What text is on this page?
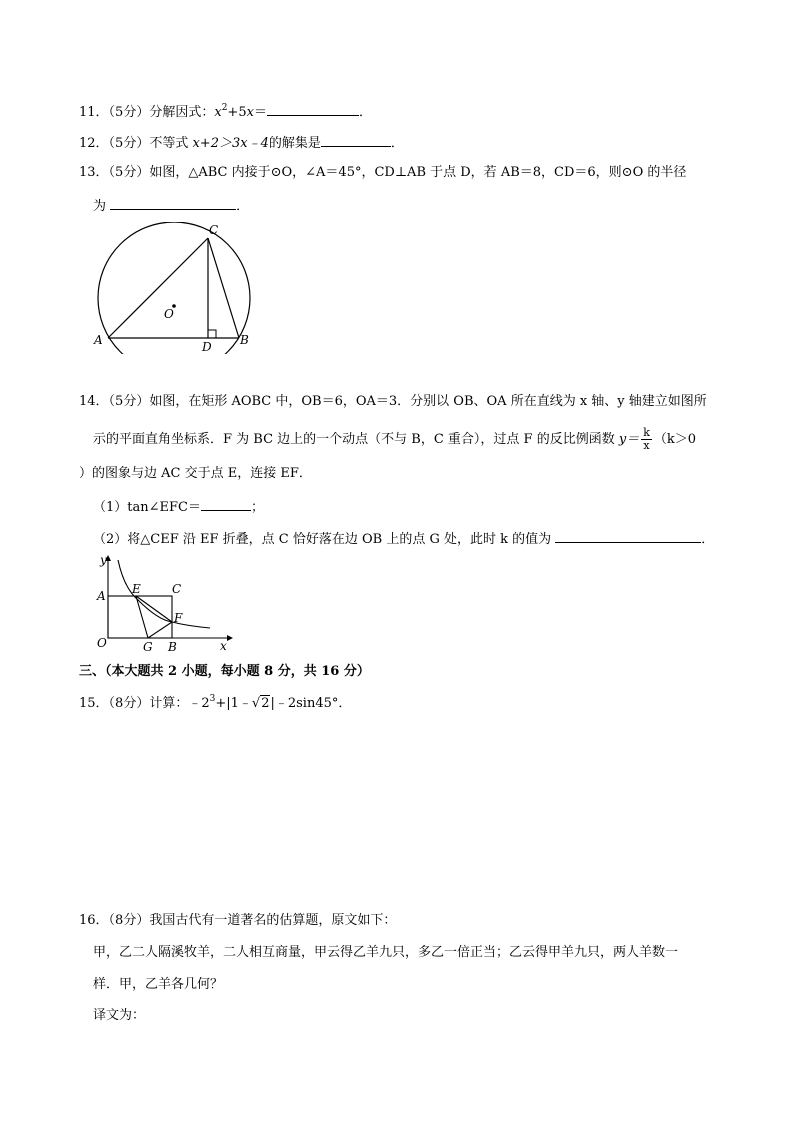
11．（5分）分解因式：$x^2+5x=$	．
12．（5分）不等式 x+2＞3x﹣4的解集是	．
13．（5分）如图，△ABC 内接于⊙O，∠A＝45°，CD⊥AB 于点 D，若 AB＝8，CD＝6，则⊙O 的半径
为	．
C
A	B
D
O
14．（5分）如图，在矩形 AOBC 中，OB＝6，OA＝3．分别以 OB、OA 所在直线为 x 轴、y 轴建立如图所
示的平面直角坐标系．F 为 BC 边上的一个动点（不与 B，C 重合），过点 F 的反比例函数 $y= \frac{k}{x} (k>0$
）的图象与边 AC 交于点 E，连接 EF．
（1）tan∠EFC＝	；
（2）将△CEF 沿 EF 折叠，点 C 恰好落在边 OB 上的点 G 处，此时 k 的值为	．
y
x
A E	C
F
O	G B
三、（本大题共 2 小题，每小题 8 分，共 16 分）
15．（8分）计算：$﹣2^3+|1﹣√2|﹣2\sin 45^\circ$．
16．（8分）我国古代有一道著名的估算题，原文如下：
甲，乙二人隔溪牧羊，二人相互商量，甲云得乙羊九只，多乙一倍正当；乙云得甲羊九只，两人羊数一
样．甲，乙羊各几何？
译文为：
